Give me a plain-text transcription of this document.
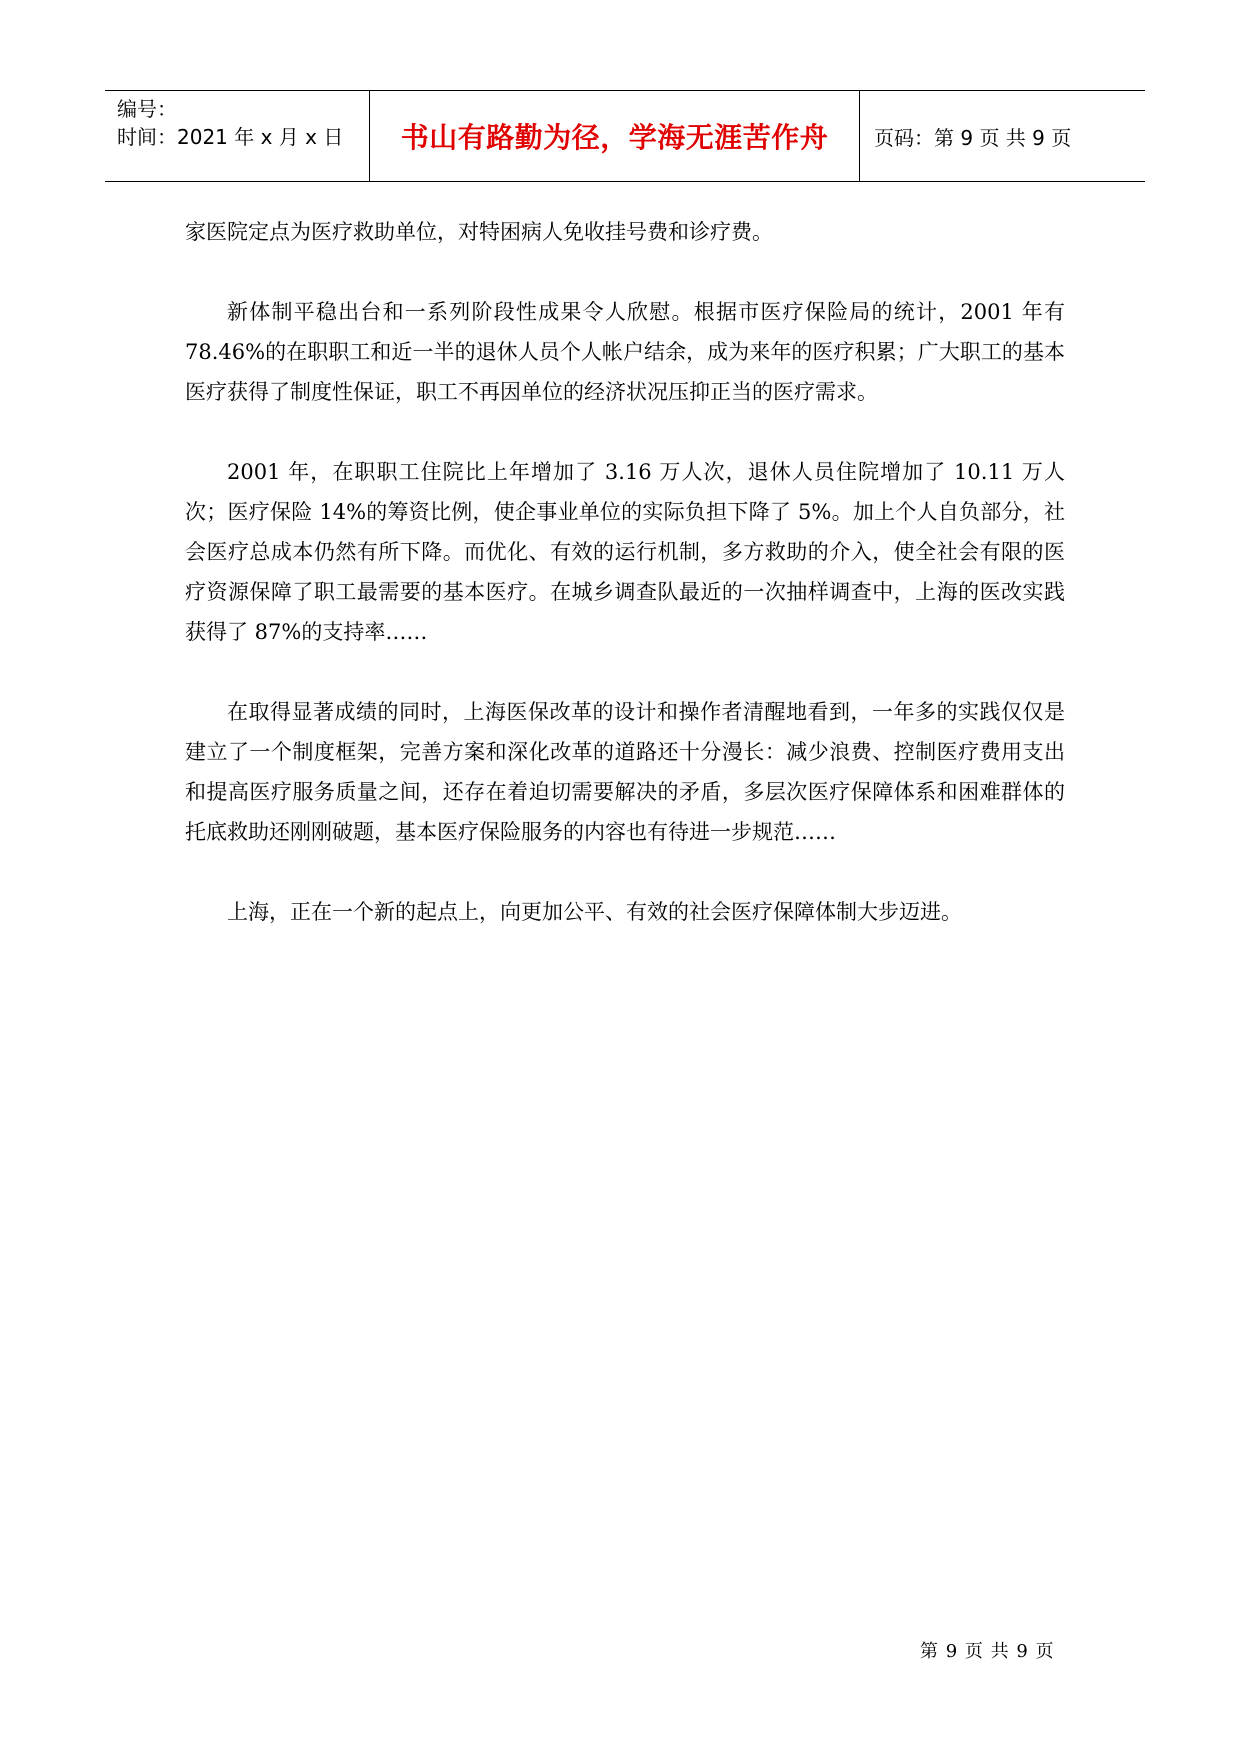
编号：
时间：2021 年 x 月 x 日	书山有路勤为径，学海无涯苦作舟 页码：第 9 页 共 9 页

家医院定点为医疗救助单位，对特困病人免收挂号费和诊疗费。

新体制平稳出台和一系列阶段性成果令人欣慰。根据市医疗保险局的统计，2001 年有 78.46%的在职职工和近一半的退休人员个人帐户结余，成为来年的医疗积累；广大职工的基本医疗获得了制度性保证，职工不再因单位的经济状况压抑正当的医疗需求。

2001 年，在职职工住院比上年增加了 3.16 万人次，退休人员住院增加了 10.11 万人次；医疗保险 14%的筹资比例，使企事业单位的实际负担下降了 5%。加上个人自负部分，社会医疗总成本仍然有所下降。而优化、有效的运行机制，多方救助的介入，使全社会有限的医疗资源保障了职工最需要的基本医疗。在城乡调查队最近的一次抽样调查中，上海的医改实践获得了 87%的支持率……

在取得显著成绩的同时，上海医保改革的设计和操作者清醒地看到，一年多的实践仅仅是建立了一个制度框架，完善方案和深化改革的道路还十分漫长：减少浪费、控制医疗费用支出和提高医疗服务质量之间，还存在着迫切需要解决的矛盾，多层次医疗保障体系和困难群体的托底救助还刚刚破题，基本医疗保险服务的内容也有待进一步规范……

上海，正在一个新的起点上，向更加公平、有效的社会医疗保障体制大步迈进。

第 9 页 共 9 页
